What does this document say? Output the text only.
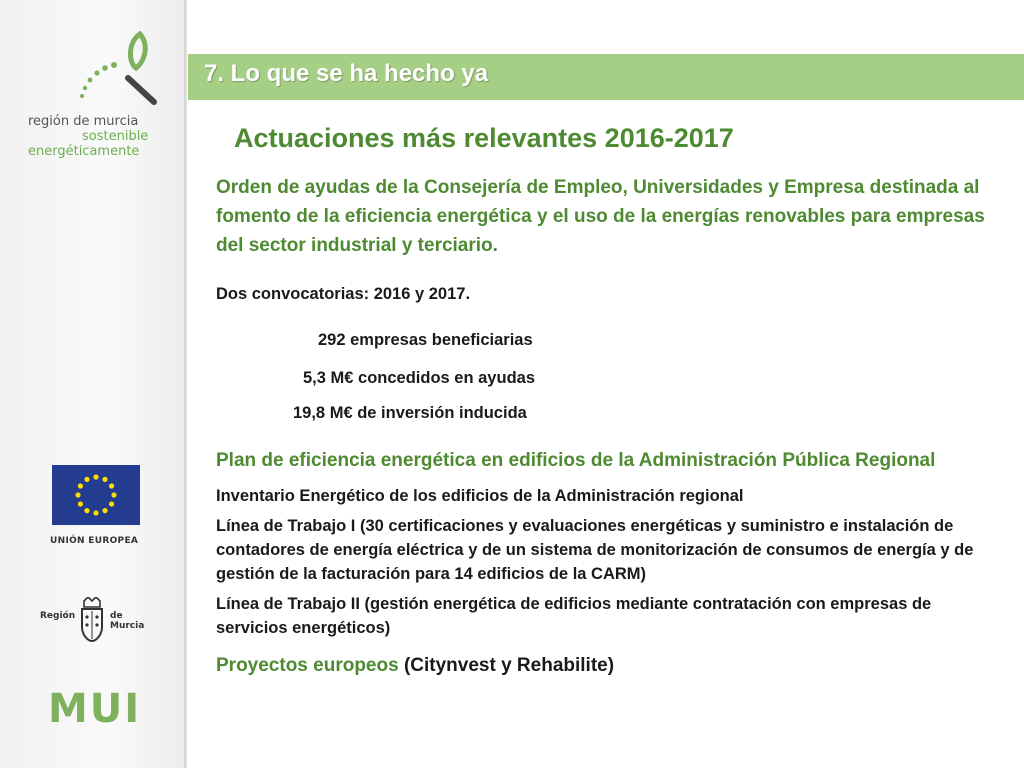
región de murcia
sostenible
energéticamente
UNIÓN EUROPEA
Región	de Murcia
MUI
7. Lo que se ha hecho ya
Actuaciones más relevantes 2016-2017

Orden de ayudas de la Consejería de Empleo, Universidades y Empresa destinada al fomento de la eficiencia energética y el uso de la energías renovables para empresas del sector industrial y terciario.

Dos convocatorias: 2016 y 2017.

292 empresas beneficiarias
5,3 M€ concedidos en ayudas
19,8 M€ de inversión inducida

Plan de eficiencia energética en edificios de la Administración Pública Regional

Inventario Energético de los edificios de la Administración regional

Línea de Trabajo I (30 certificaciones y evaluaciones energéticas y suministro e instalación de contadores de energía eléctrica y de un sistema de monitorización de consumos de energía y de gestión de la facturación para 14 edificios de la CARM)

Línea de Trabajo II (gestión energética de edificios mediante contratación con empresas de servicios energéticos)

Proyectos europeos (Citynvest y Rehabilite)
